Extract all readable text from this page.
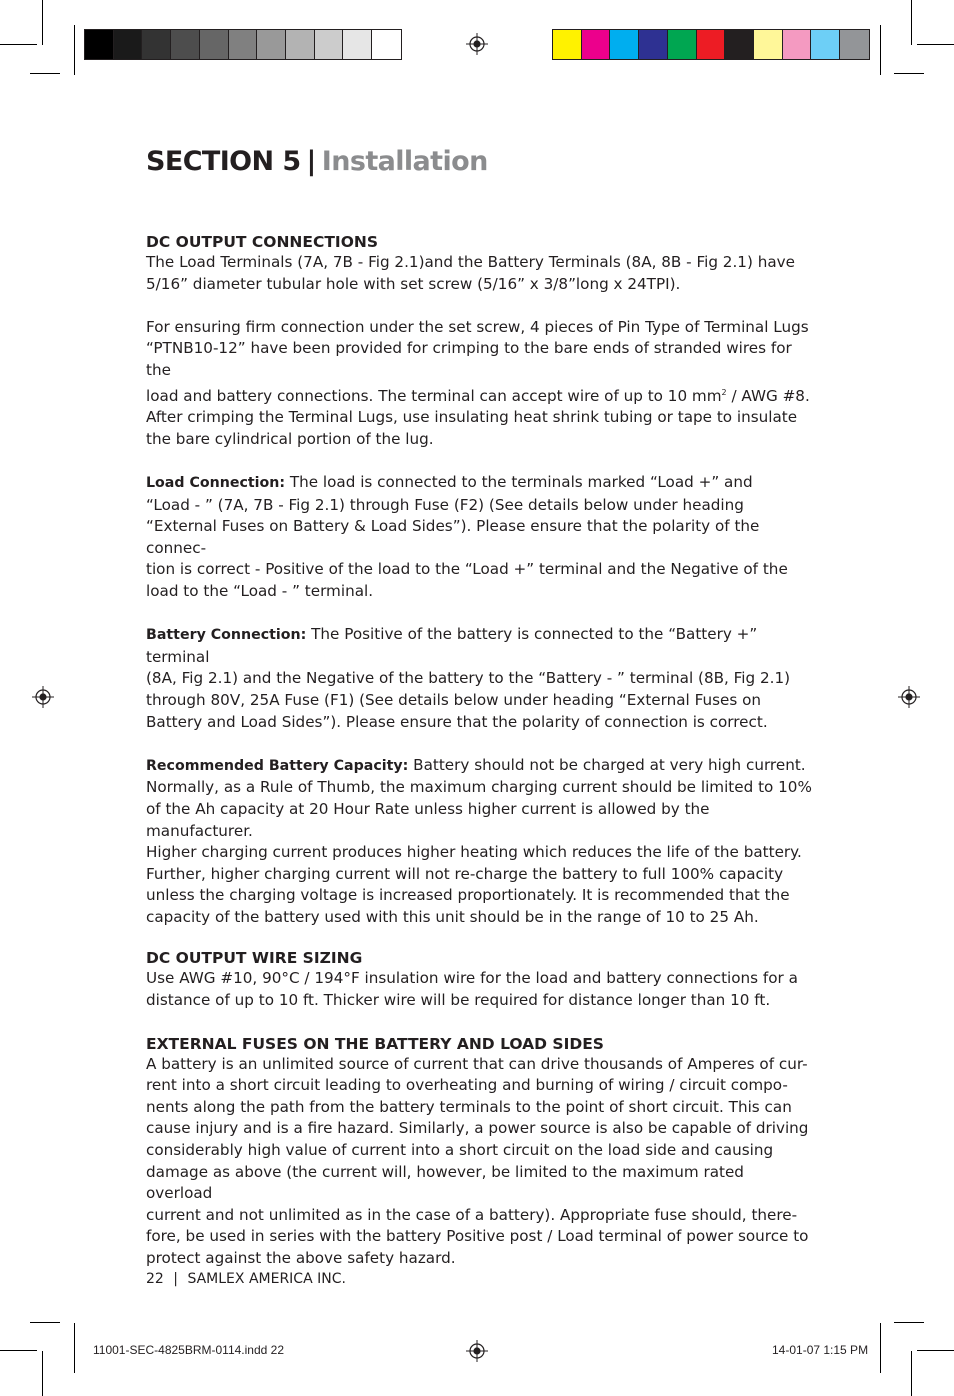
SECTION 5 | Installation
DC OUTPUT CONNECTIONS

The Load Terminals (7A, 7B - Fig 2.1)and the Battery Terminals (8A, 8B - Fig 2.1) have
5/16” diameter tubular hole with set screw (5/16” x 3/8”long x 24TPI).

For ensuring firm connection under the set screw, 4 pieces of Pin Type of Terminal Lugs
“PTNB10-12” have been provided for crimping to the bare ends of stranded wires for the
load and battery connections. The terminal can accept wire of up to 10 $mm^2$ / AWG #8.
After crimping the Terminal Lugs, use insulating heat shrink tubing or tape to insulate
the bare cylindrical portion of the lug.

Load Connection: The load is connected to the terminals marked “Load +” and
“Load - ” (7A, 7B - Fig 2.1) through Fuse (F2) (See details below under heading
“External Fuses on Battery & Load Sides”). Please ensure that the polarity of the connec-
tion is correct - Positive of the load to the “Load +” terminal and the Negative of the
load to the “Load - ” terminal.

Battery Connection: The Positive of the battery is connected to the “Battery +” terminal
(8A, Fig 2.1) and the Negative of the battery to the “Battery - ” terminal (8B, Fig 2.1)
through 80V, 25A Fuse (F1) (See details below under heading “External Fuses on
Battery and Load Sides”). Please ensure that the polarity of connection is correct.

Recommended Battery Capacity: Battery should not be charged at very high current.
Normally, as a Rule of Thumb, the maximum charging current should be limited to 10%
of the Ah capacity at 20 Hour Rate unless higher current is allowed by the manufacturer.
Higher charging current produces higher heating which reduces the life of the battery.
Further, higher charging current will not re-charge the battery to full 100% capacity
unless the charging voltage is increased proportionately. It is recommended that the
capacity of the battery used with this unit should be in the range of 10 to 25 Ah.

DC OUTPUT WIRE SIZING

Use AWG #10, 90°C / 194°F insulation wire for the load and battery connections for a
distance of up to 10 ft. Thicker wire will be required for distance longer than 10 ft.

EXTERNAL FUSES ON THE BATTERY AND LOAD SIDES

A battery is an unlimited source of current that can drive thousands of Amperes of cur-
rent into a short circuit leading to overheating and burning of wiring / circuit compo-
nents along the path from the battery terminals to the point of short circuit. This can
cause injury and is a fire hazard. Similarly, a power source is also be capable of driving
considerably high value of current into a short circuit on the load side and causing
damage as above (the current will, however, be limited to the maximum rated overload
current and not unlimited as in the case of a battery). Appropriate fuse should, there-
fore, be used in series with the battery Positive post / Load terminal of power source to
protect against the above safety hazard.

22 | SAMLEX AMERICA INC.
11001-SEC-4825BRM-0114.indd 22	14-01-07 1:15 PM
